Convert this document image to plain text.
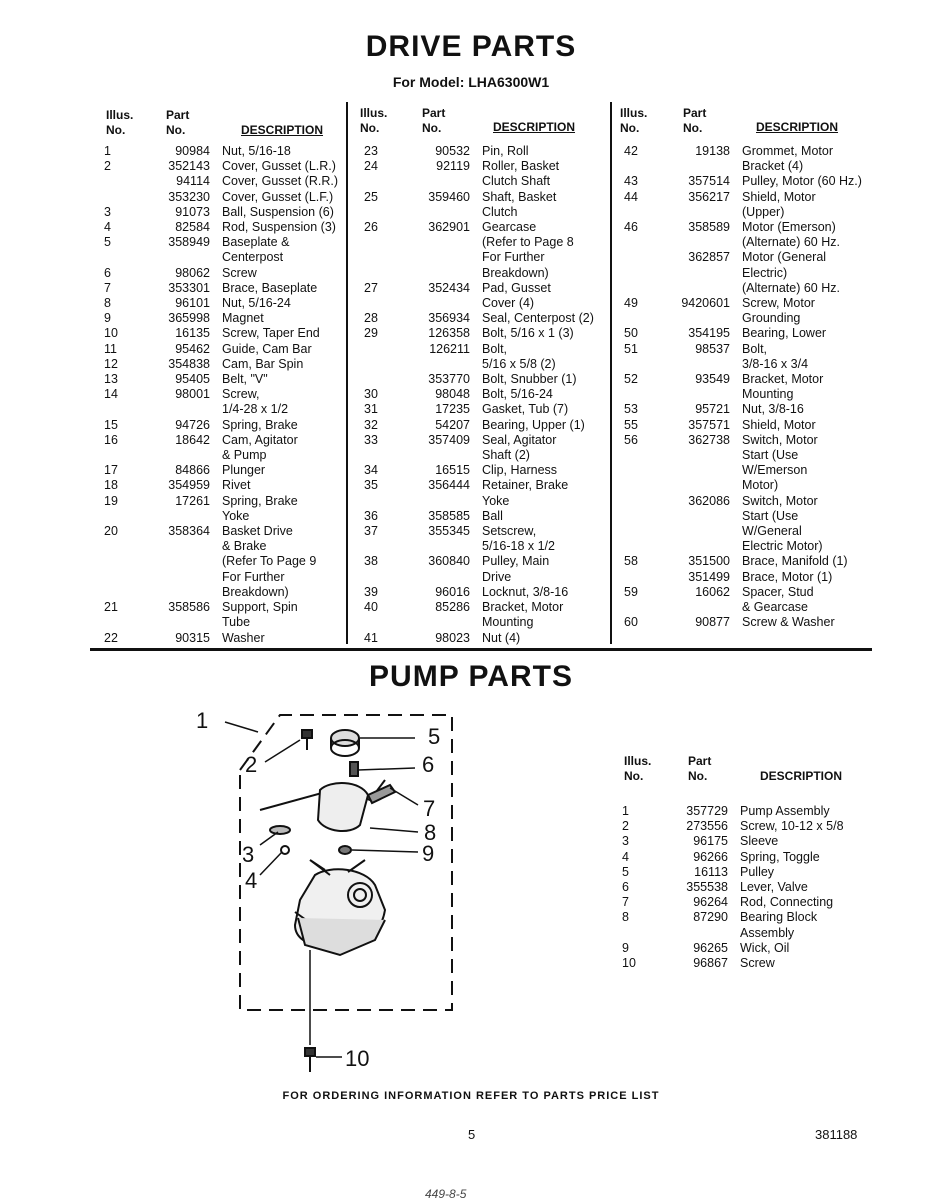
DRIVE PARTS
For Model: LHA6300W1
Illus.
No.
Part
No.	DESCRIPTION
Illus.
No.
Part
No.	DESCRIPTION
Illus.
No.
Part
No.	DESCRIPTION
1	90984	Nut, 5/16-18
2	352143	Cover, Gusset (L.R.)
	94114	Cover, Gusset (R.R.)
	353230	Cover, Gusset (L.F.)
3	91073	Ball, Suspension (6)
4	82584	Rod, Suspension (3)
5	358949	Baseplate &
		Centerpost
6	98062	Screw
7	353301	Brace, Baseplate
8	96101	Nut, 5/16-24
9	365998	Magnet
10	16135	Screw, Taper End
11	95462	Guide, Cam Bar
12	354838	Cam, Bar Spin
13	95405	Belt, "V"
14	98001	Screw,
		1/4-28 x 1/2
15	94726	Spring, Brake
16	18642	Cam, Agitator
		& Pump
17	84866	Plunger
18	354959	Rivet
19	17261	Spring, Brake
		Yoke
20	358364	Basket Drive
		& Brake
		(Refer To Page 9
		For Further
		Breakdown)
21	358586	Support, Spin
		Tube
22	90315	Washer
23	90532	Pin, Roll
24	92119	Roller, Basket
		Clutch Shaft
25	359460	Shaft, Basket
		Clutch
26	362901	Gearcase
		(Refer to Page 8
		For Further
		Breakdown)
27	352434	Pad, Gusset
		Cover (4)
28	356934	Seal, Centerpost (2)
29	126358	Bolt, 5/16 x 1 (3)
	126211	Bolt,
		5/16 x 5/8 (2)
	353770	Bolt, Snubber (1)
30	98048	Bolt, 5/16-24
31	17235	Gasket, Tub (7)
32	54207	Bearing, Upper (1)
33	357409	Seal, Agitator
		Shaft (2)
34	16515	Clip, Harness
35	356444	Retainer, Brake
		Yoke
36	358585	Ball
37	355345	Setscrew,
		5/16-18 x 1/2
38	360840	Pulley, Main
		Drive
39	96016	Locknut, 3/8-16
40	85286	Bracket, Motor
		Mounting
41	98023	Nut (4)

42	19138	Grommet, Motor
		Bracket (4)
43	357514	Pulley, Motor (60 Hz.)
44	356217	Shield, Motor
		(Upper)
46	358589	Motor (Emerson)
		(Alternate) 60 Hz.
	362857	Motor (General
		Electric)
		(Alternate) 60 Hz.
49	9420601	Screw, Motor
		Grounding
50	354195	Bearing, Lower
51	98537	Bolt,
		3/8-16 x 3/4
52	93549	Bracket, Motor
		Mounting
53	95721	Nut, 3/8-16
55	357571	Shield, Motor
56	362738	Switch, Motor
		Start (Use
		W/Emerson
		Motor)
	362086	Switch, Motor
		Start (Use
		W/General
		Electric Motor)
58	351500	Brace, Manifold (1)
	351499	Brace, Motor (1)
59	16062	Spacer, Stud
		& Gearcase
60	90877	Screw & Washer
PUMP PARTS
1
2
3
4
5
6
7
8
9
10
Illus.
No.
Part
No.	DESCRIPTION
1	357729	Pump Assembly
2	273556	Screw, 10-12 x 5/8
3	96175	Sleeve
4	96266	Spring, Toggle
5	16113	Pulley
6	355538	Lever, Valve
7	96264	Rod, Connecting
8	87290	Bearing Block
		Assembly
9	96265	Wick, Oil
10	96867	Screw
FOR ORDERING INFORMATION REFER TO PARTS PRICE LIST
5	381188
449-8-5
